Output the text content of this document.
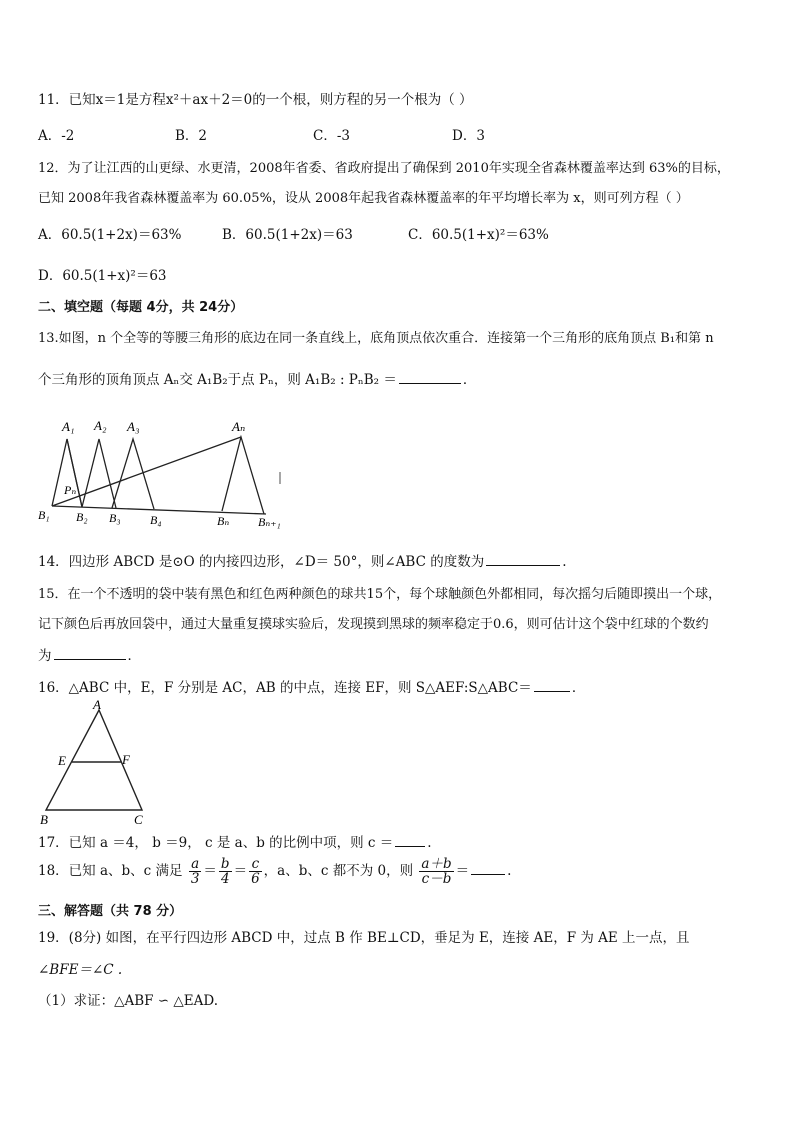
11．已知x＝1是方程x²＋ax＋2＝0的一个根，则方程的另一个根为（ ）
A．-2	B．2	C．-3	D．3
12．为了让江西的山更绿、水更清，2008年省委、省政府提出了确保到 2010年实现全省森林覆盖率达到 63%的目标，
已知 2008年我省森林覆盖率为 60.05%，设从 2008年起我省森林覆盖率的年平均增长率为 x，则可列方程（ ）
A．60.5(1+2x)＝63%	B．60.5(1+2x)＝63	C．60.5(1+x)²＝63%
D．60.5(1+x)²＝63
二、填空题（每题 4分，共 24分）
13.如图，n 个全等的等腰三角形的底边在同一条直线上，底角顶点依次重合．连接第一个三角形的底角顶点 B₁和第 n
个三角形的顶角顶点 Aₙ交 A₁B₂于点 Pₙ，则 A₁B₂ : PₙB₂ ＝	．
A₁ A₂ A₃	Aₙ
Pₙ
B₁ B₂ B₃ B₄	Bₙ Bₙ₊₁
14．四边形 ABCD 是⊙O 的内接四边形，∠D＝ 50°，则∠ABC 的度数为	.
15．在一个不透明的袋中装有黑色和红色两种颜色的球共15个，每个球触颜色外都相同，每次摇匀后随即摸出一个球，
记下颜色后再放回袋中，通过大量重复摸球实验后，发现摸到黑球的频率稳定于0.6，则可估计这个袋中红球的个数约
为	．
16．△ABC 中，E，F 分别是 AC，AB 的中点，连接 EF，则 S△AEF:S△ABC＝	．
A
E	F
B	C
17．已知 a ＝4， b ＝9， c 是 a、b 的比例中项，则 c ＝	.
18．已知 a、b、c 满足 $\frac{a}{3} = \frac{b}{4} = \frac{c}{6}$ ，a、b、c 都不为 0，则 $\frac{a+b}{c-b}$ ＝	.
三、解答题（共 78 分）
19．(8分) 如图，在平行四边形 ABCD 中，过点 B 作 BE⊥CD，垂足为 E，连接 AE，F 为 AE 上一点，且
∠BFE＝∠C .
（1）求证：△ABF ∽ △EAD.
